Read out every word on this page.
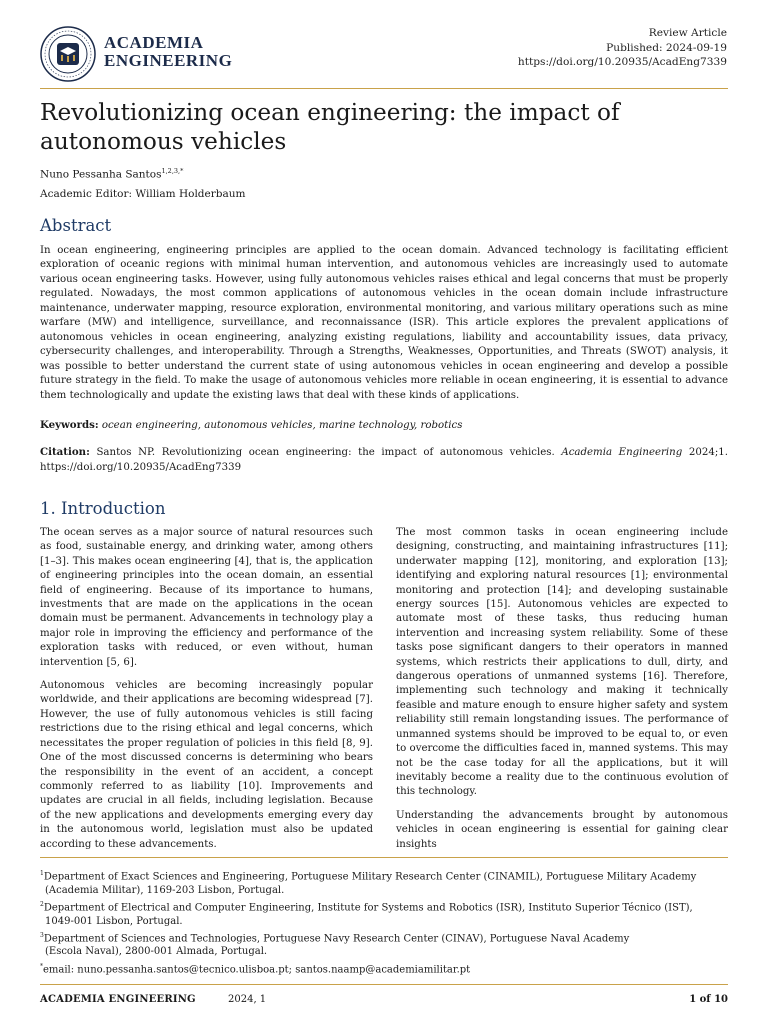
ACADEMIA
ENGINEERING
Review Article
Published: 2024-09-19
https://doi.org/10.20935/AcadEng7339
Revolutionizing ocean engineering: the impact of autonomous vehicles
Nuno Pessanha Santos$^{1,2,3,*}$
Academic Editor: William Holderbaum
Abstract

In ocean engineering, engineering principles are applied to the ocean domain. Advanced technology is facilitating efficient exploration of oceanic regions with minimal human intervention, and autonomous vehicles are increasingly used to automate various ocean engineering tasks. However, using fully autonomous vehicles raises ethical and legal concerns that must be properly regulated. Nowadays, the most common applications of autonomous vehicles in the ocean domain include infrastructure maintenance, underwater mapping, resource exploration, environmental monitoring, and various military operations such as mine warfare (MW) and intelligence, surveillance, and reconnaissance (ISR). This article explores the prevalent applications of autonomous vehicles in ocean engineering, analyzing existing regulations, liability and accountability issues, data privacy, cybersecurity challenges, and interoperability. Through a Strengths, Weaknesses, Opportunities, and Threats (SWOT) analysis, it was possible to better understand the current state of using autonomous vehicles in ocean engineering and develop a possible future strategy in the field. To make the usage of autonomous vehicles more reliable in ocean engineering, it is essential to advance them technologically and update the existing laws that deal with these kinds of applications.

Keywords: ocean engineering, autonomous vehicles, marine technology, robotics
Citation: Santos NP. Revolutionizing ocean engineering: the impact of autonomous vehicles. Academia Engineering 2024;1. https://doi.org/10.20935/AcadEng7339
1. Introduction

The ocean serves as a major source of natural resources such as food, sustainable energy, and drinking water, among others [1–3]. This makes ocean engineering [4], that is, the application of engineering principles into the ocean domain, an essential field of engineering. Because of its importance to humans, investments that are made on the applications in the ocean domain must be permanent. Advancements in technology play a major role in improving the efficiency and performance of the exploration tasks with reduced, or even without, human intervention [5, 6].

Autonomous vehicles are becoming increasingly popular worldwide, and their applications are becoming widespread [7]. However, the use of fully autonomous vehicles is still facing restrictions due to the rising ethical and legal concerns, which necessitates the proper regulation of policies in this field [8, 9]. One of the most discussed concerns is determining who bears the responsibility in the event of an accident, a concept commonly referred to as liability [10]. Improvements and updates are crucial in all fields, including legislation. Because of the new applications and developments emerging every day in the autonomous world, legislation must also be updated according to these advancements.

The most common tasks in ocean engineering include designing, constructing, and maintaining infrastructures [11]; underwater mapping [12], monitoring, and exploration [13]; identifying and exploring natural resources [1]; environmental monitoring and protection [14]; and developing sustainable energy sources [15]. Autonomous vehicles are expected to automate most of these tasks, thus reducing human intervention and increasing system reliability. Some of these tasks pose significant dangers to their operators in manned systems, which restricts their applications to dull, dirty, and dangerous operations of unmanned systems [16]. Therefore, implementing such technology and making it technically feasible and mature enough to ensure higher safety and system reliability still remain longstanding issues. The performance of unmanned systems should be improved to be equal to, or even to overcome the difficulties faced in, manned systems. This may not be the case today for all the applications, but it will inevitably become a reality due to the continuous evolution of this technology.

Understanding the advancements brought by autonomous vehicles in ocean engineering is essential for gaining clear insights

$^1$Department of Exact Sciences and Engineering, Portuguese Military Research Center (CINAMIL), Portuguese Military Academy
(Academia Militar), 1169-203 Lisbon, Portugal.
$^2$Department of Electrical and Computer Engineering, Institute for Systems and Robotics (ISR), Instituto Superior Técnico (IST),
1049-001 Lisbon, Portugal.
$^3$Department of Sciences and Technologies, Portuguese Navy Research Center (CINAV), Portuguese Naval Academy
(Escola Naval), 2800-001 Almada, Portugal.
*email: nuno.pessanha.santos@tecnico.ulisboa.pt; santos.naamp@academiamilitar.pt
ACADEMIA ENGINEERING	2024, 1	1 of 10
